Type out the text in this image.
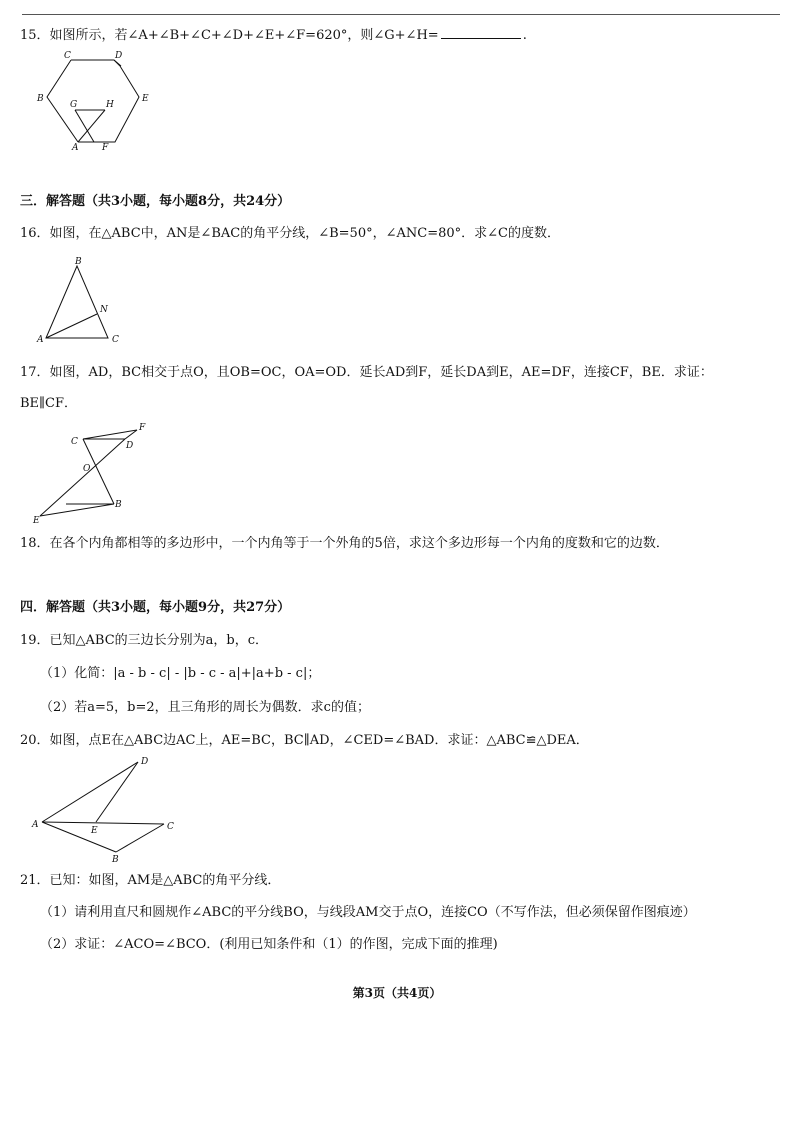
15．如图所示，若∠A+∠B+∠C+∠D+∠E+∠F=620°，则∠G+∠H=	.
C	D
B	E
G	H
A	F
三．解答题（共3小题，每小题8分，共24分）
16．如图，在△ABC中，AN是∠BAC的角平分线，∠B=50°，∠ANC=80°．求∠C的度数．
B
N
A	C
17．如图，AD，BC相交于点O，且OB=OC，OA=OD．延长AD到F，延长DA到E，AE=DF，连接CF，BE．求证：
BE∥CF．
C	D
F
O
B
E
18．在各个内角都相等的多边形中，一个内角等于一个外角的5倍，求这个多边形每一个内角的度数和它的边数．
四．解答题（共3小题，每小题9分，共27分）
19．已知△ABC的三边长分别为a，b，c．
（1）化简：|a - b - c| - |b - c - a|+|a+b - c|；
（2）若a=5，b=2，且三角形的周长为偶数．求c的值；
20．如图，点E在△ABC边AC上，AE=BC，BC∥AD，∠CED=∠BAD．求证：△ABC≌△DEA．
D
A
E	C
B
21．已知：如图，AM是△ABC的角平分线．
（1）请利用直尺和圆规作∠ABC的平分线BO，与线段AM交于点O，连接CO（不写作法，但必须保留作图痕迹）
（2）求证：∠ACO=∠BCO．(利用已知条件和（1）的作图，完成下面的推理)
第3页（共4页）
